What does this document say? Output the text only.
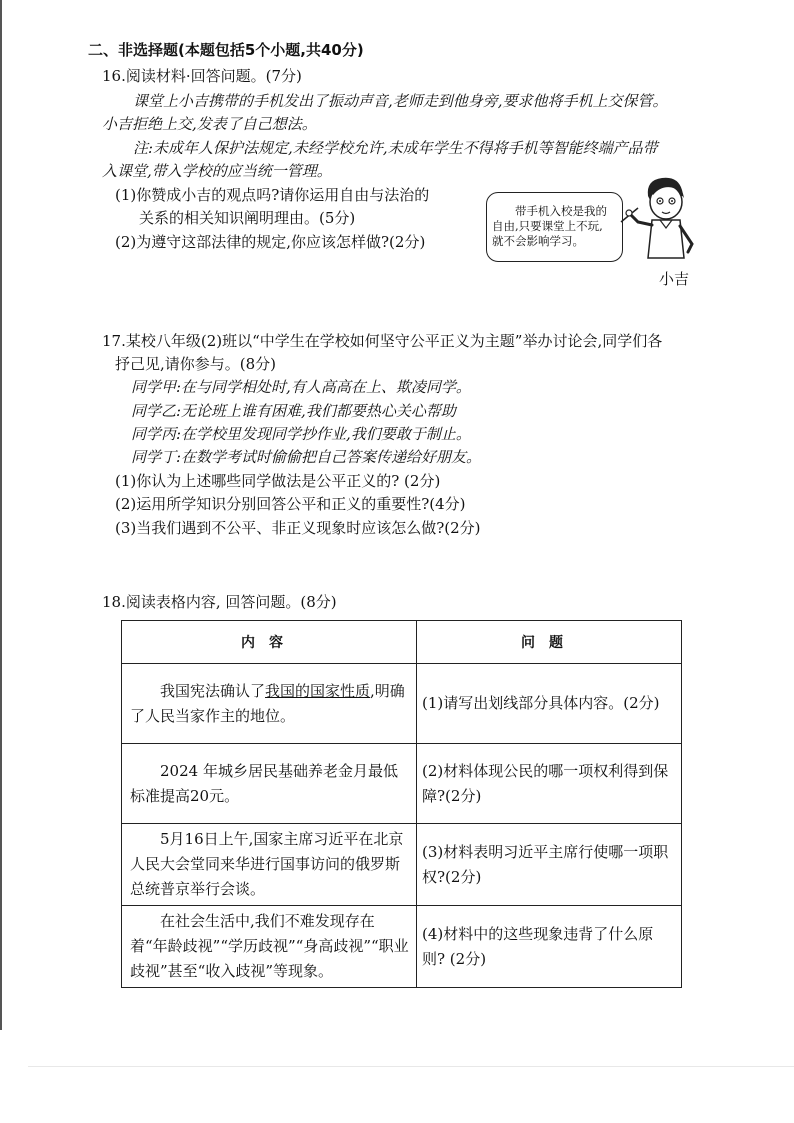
二、非选择题(本题包括5个小题,共40分)
16.阅读材料·回答问题。(7分)
课堂上小吉携带的手机发出了振动声音,老师走到他身旁,要求他将手机上交保管。
小吉拒绝上交,发表了自己想法。
注:未成年人保护法规定,未经学校允许,未成年学生不得将手机等智能终端产品带
入课堂,带入学校的应当统一管理。
(1)你赞成小吉的观点吗?请你运用自由与法治的
关系的相关知识阐明理由。(5分)
(2)为遵守这部法律的规定,你应该怎样做?(2分)
带手机入校是我的
自由,只要课堂上不玩,
就不会影响学习。
小吉
17.某校八年级(2)班以“中学生在学校如何坚守公平正义为主题”举办讨论会,同学们各
抒己见,请你参与。(8分)
同学甲:在与同学相处时,有人高高在上、欺凌同学。
同学乙:无论班上谁有困难,我们都要热心关心帮助
同学丙:在学校里发现同学抄作业,我们要敢于制止。
同学丁:在数学考试时偷偷把自己答案传递给好朋友。
(1)你认为上述哪些同学做法是公平正义的? (2分)
(2)运用所学知识分别回答公平和正义的重要性?(4分)
(3)当我们遇到不公平、非正义现象时应该怎么做?(2分)
18.阅读表格内容, 回答问题。(8分)
内容	问题
我国宪法确认了我国的国家性质,明确了人民当家作主的地位。	(1)请写出划线部分具体内容。(2分)
2024 年城乡居民基础养老金月最低标准提高20元。	(2)材料体现公民的哪一项权利得到保障?(2分)
5月16日上午,国家主席习近平在北京人民大会堂同来华进行国事访问的俄罗斯总统普京举行会谈。	(3)材料表明习近平主席行使哪一项职权?(2分)
在社会生活中,我们不难发现存在着“年龄歧视”“学历歧视”“身高歧视”“职业歧视”甚至“收入歧视”等现象。	(4)材料中的这些现象违背了什么原则? (2分)
